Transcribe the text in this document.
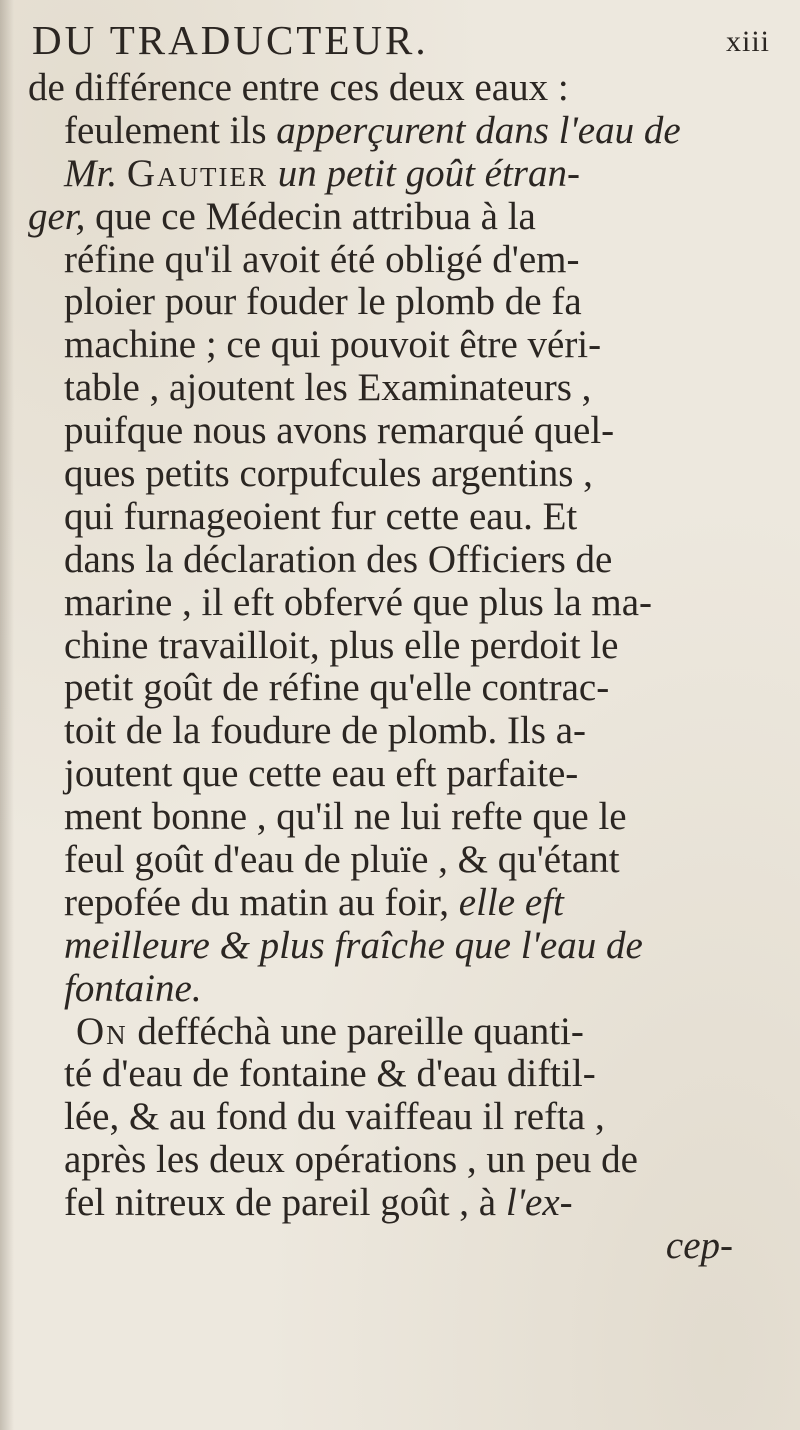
DU TRADUCTEUR.	xiii
de différence entre ces deux eaux :
feulement ils apperçurent dans l'eau de
Mr. Gautier un petit goût étran-
ger, que ce Médecin attribua à la
réfine qu'il avoit été obligé d'em-
ploier pour fouder le plomb de fa
machine ; ce qui pouvoit être véri-
table , ajoutent les Examinateurs ,
puifque nous avons remarqué quel-
ques petits corpufcules argentins ,
qui furnageoient fur cette eau. Et
dans la déclaration des Officiers de
marine , il eft obfervé que plus la ma-
chine travailloit, plus elle perdoit le
petit goût de réfine qu'elle contrac-
toit de la foudure de plomb. Ils a-
joutent que cette eau eft parfaite-
ment bonne , qu'il ne lui refte que le
feul goût d'eau de pluïe , & qu'étant
repofée du matin au foir, elle eft
meilleure & plus fraîche que l'eau de
fontaine.
On defféchà une pareille quanti-
té d'eau de fontaine & d'eau diftil-
lée, & au fond du vaiffeau il refta ,
après les deux opérations , un peu de
fel nitreux de pareil goût , à l'ex-
cep-
